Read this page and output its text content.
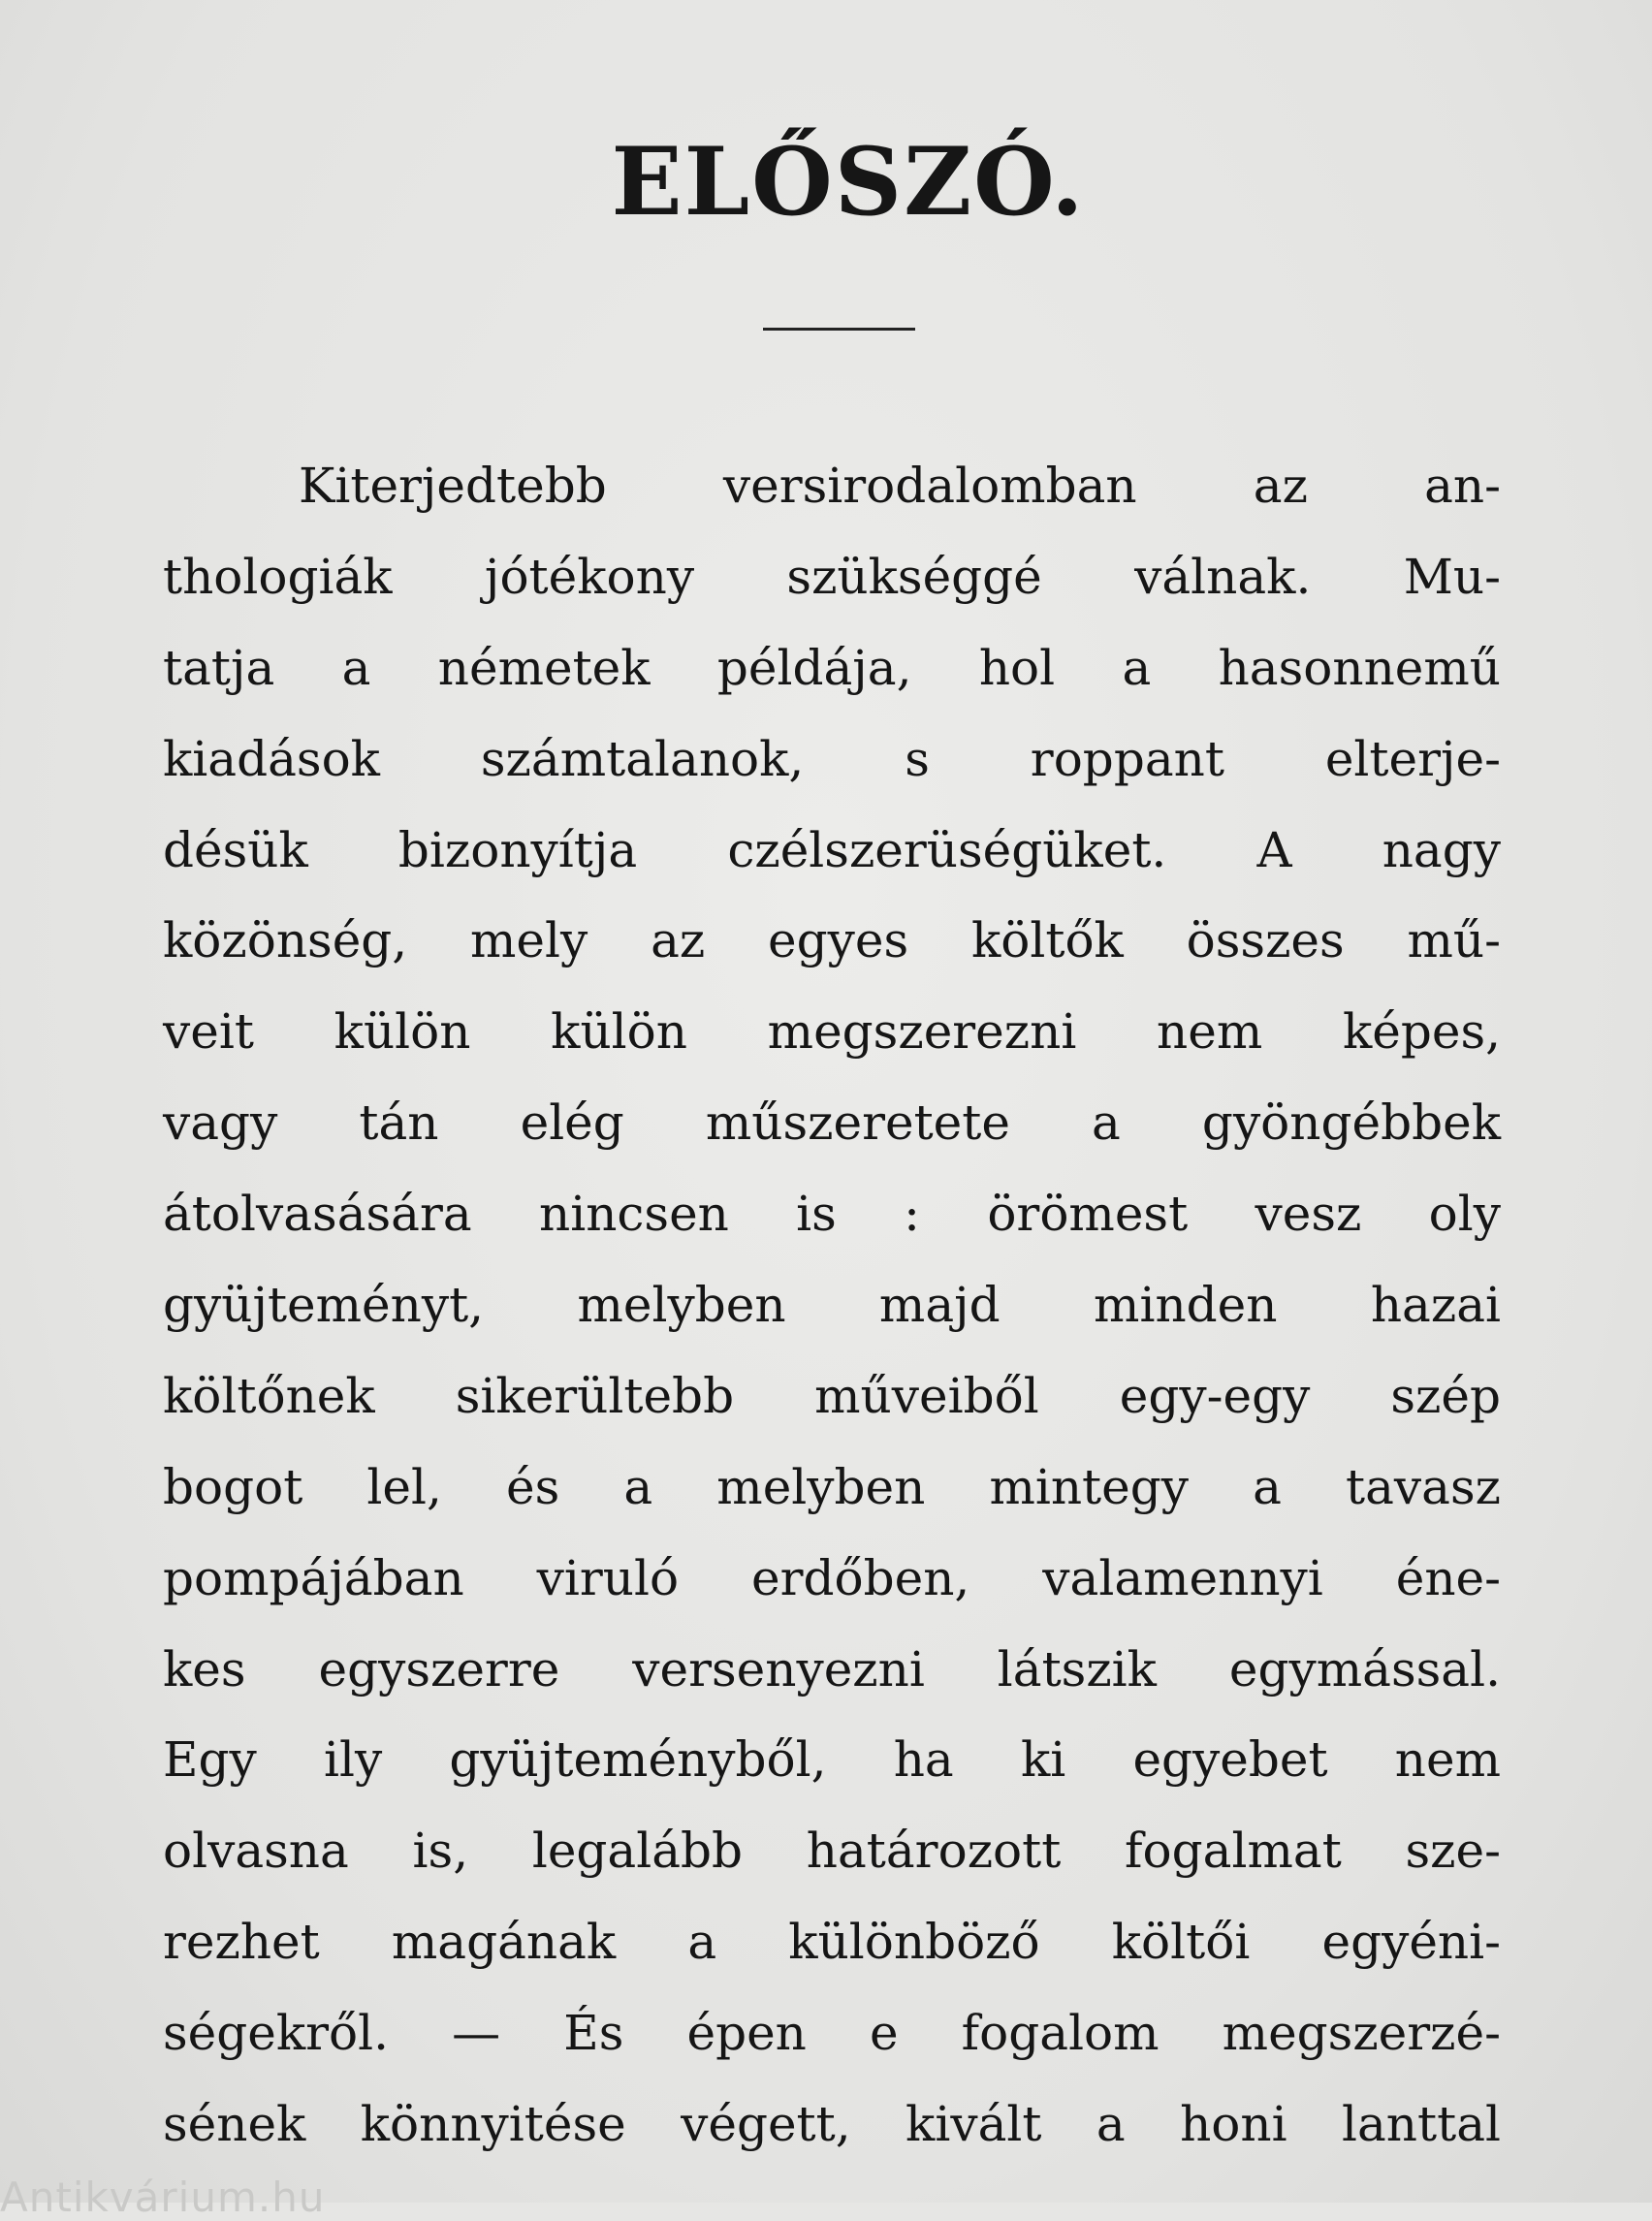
ELŐSZÓ.
Kiterjedtebb versirodalomban az an-
thologiák jótékony szükséggé válnak. Mu-
tatja a németek példája, hol a hasonnemű
kiadások számtalanok, s roppant elterje-
désük bizonyítja czélszerüségüket. A nagy
közönség, mely az egyes költők összes mű-
veit külön külön megszerezni nem képes,
vagy tán elég műszeretete a gyöngébbek
átolvasására nincsen is : örömest vesz oly
gyüjteményt, melyben majd minden hazai
költőnek sikerültebb műveiből egy-egy szép
bogot lel, és a melyben mintegy a tavasz
pompájában viruló erdőben, valamennyi éne-
kes egyszerre versenyezni látszik egymással.
Egy ily gyüjteményből, ha ki egyebet nem
olvasna is, legalább határozott fogalmat sze-
rezhet magának a különböző költői egyéni-
ségekről. — És épen e fogalom megszerzé-
sének könnyitése végett, kivált a honi lanttal
Antikvárium.hu
